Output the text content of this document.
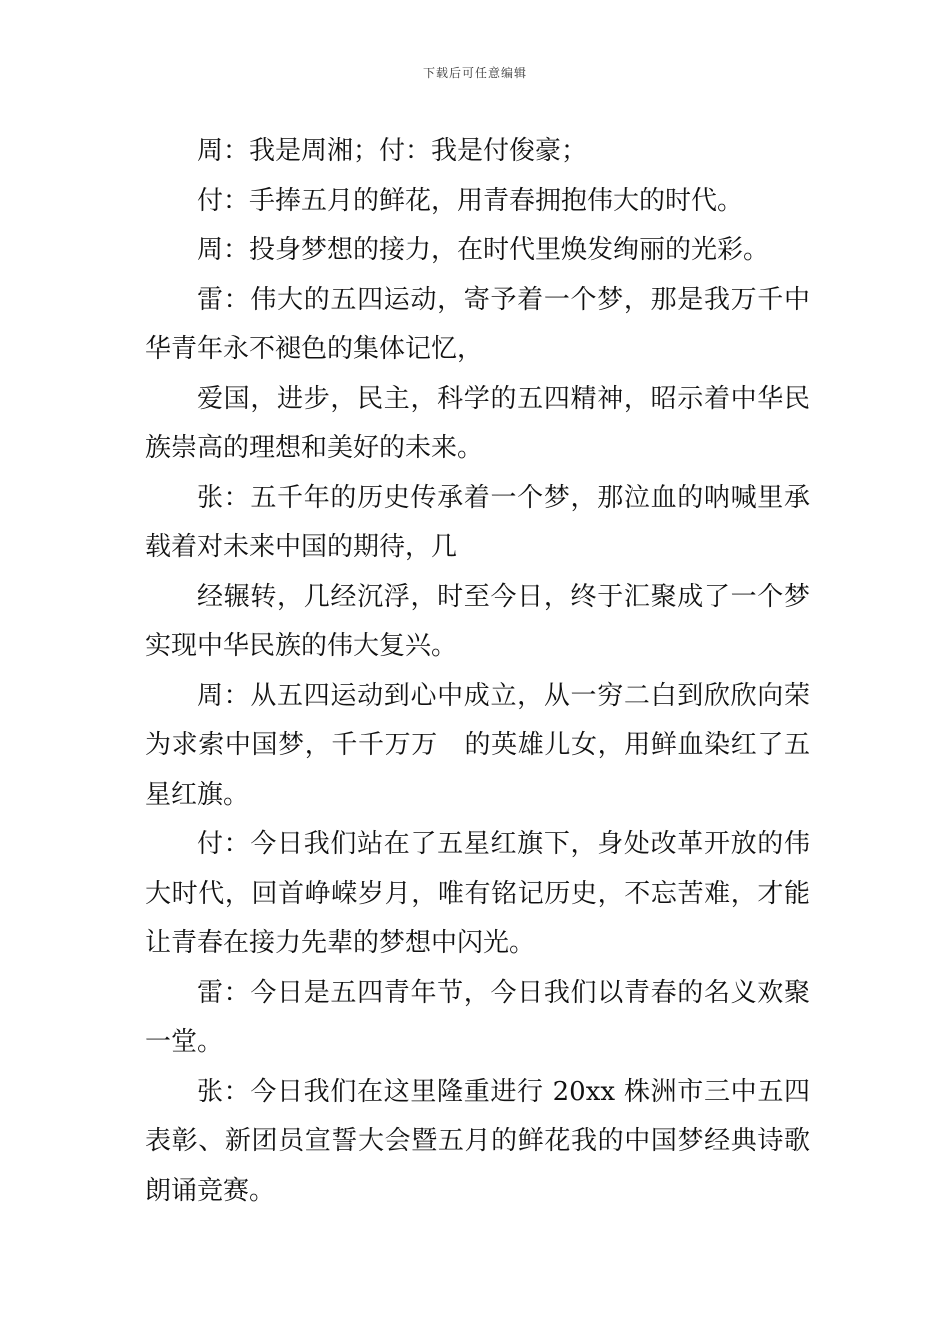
下载后可任意编辑

周：我是周湘；付：我是付俊豪；

付：手捧五月的鲜花，用青春拥抱伟大的时代。

周：投身梦想的接力，在时代里焕发绚丽的光彩。

雷：伟大的五四运动，寄予着一个梦，那是我万千中华青年永不褪色的集体记忆，

爱国，进步，民主，科学的五四精神，昭示着中华民族崇高的理想和美好的未来。

张：五千年的历史传承着一个梦，那泣血的呐喊里承载着对未来中国的期待，几

经辗转，几经沉浮，时至今日，终于汇聚成了一个梦实现中华民族的伟大复兴。

周：从五四运动到心中成立，从一穷二白到欣欣向荣为求索中国梦，千千万万　的英雄儿女，用鲜血染红了五星红旗。

付：今日我们站在了五星红旗下，身处改革开放的伟大时代，回首峥嵘岁月，唯有铭记历史，不忘苦难，才能让青春在接力先辈的梦想中闪光。

雷：今日是五四青年节，今日我们以青春的名义欢聚一堂。

张：今日我们在这里隆重进行 20xx 株洲市三中五四表彰、新团员宣誓大会暨五月的鲜花我的中国梦经典诗歌朗诵竞赛。
